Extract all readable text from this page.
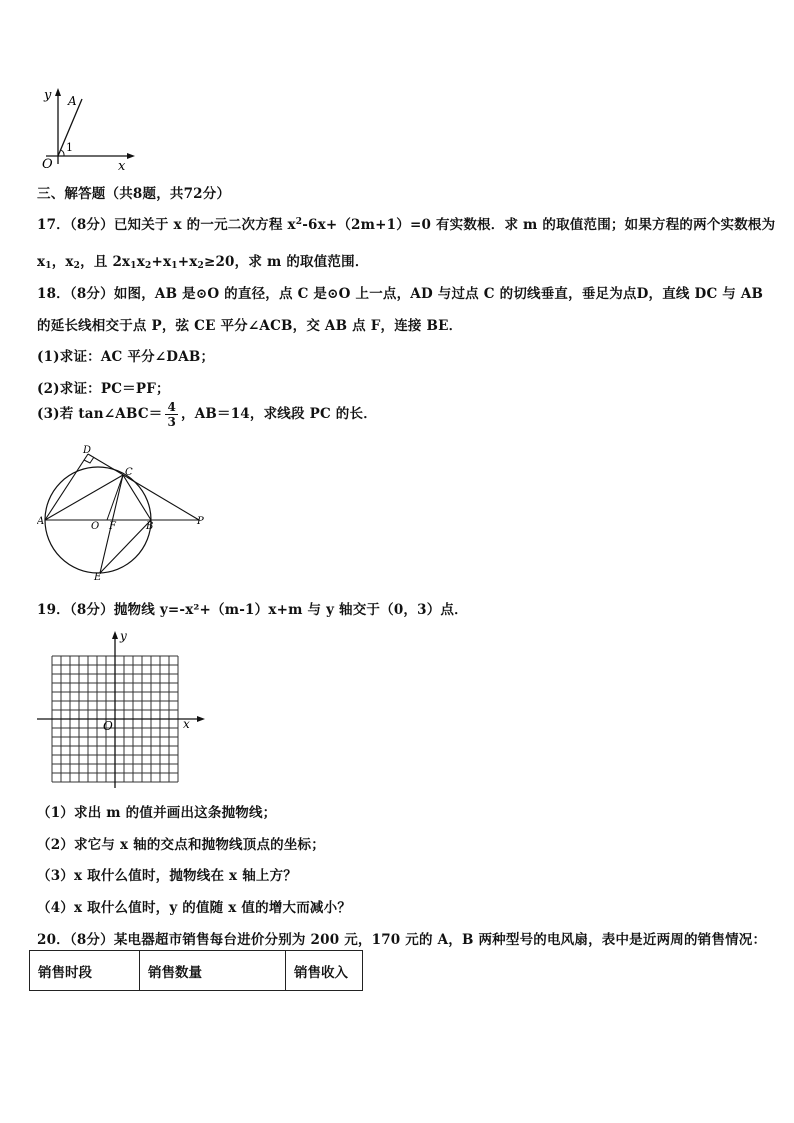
y A
1
O	x
三、解答题（共8题，共72分）
17．（8分）已知关于 x 的一元二次方程 $x^2-6x+(2m+1)=0$ 有实数根．求 m 的取值范围；如果方程的两个实数根为
$x_1$，$x_2$，且 $2x_1x_2+x_1+x_2\ge 20$，求 m 的取值范围．
18．（8分）如图，AB 是⊙O 的直径，点 C 是⊙O 上一点，AD 与过点 C 的切线垂直，垂足为点D，直线 DC 与 AB
的延长线相交于点 P，弦 CE 平分∠ACB，交 AB 点 F，连接 BE．
(1)求证：AC 平分∠DAB；
(2)求证：PC＝PF；
(3)若 tan∠ABC＝ $\frac{4}{3}$ ，AB＝14，求线段 PC 的长．
D
C
A	O F	B	P
E
19．（8分）抛物线 y=-x²+（m-1）x+m 与 y 轴交于（0，3）点．
y
x
O
（1）求出 m 的值并画出这条抛物线；
（2）求它与 x 轴的交点和抛物线顶点的坐标；
（3）x 取什么值时，抛物线在 x 轴上方？
（4）x 取什么值时，y 的值随 x 值的增大而减小？
20．（8分）某电器超市销售每台进价分别为 200 元，170 元的 A，B 两种型号的电风扇，表中是近两周的销售情况：
销售时段	销售数量	销售收入
